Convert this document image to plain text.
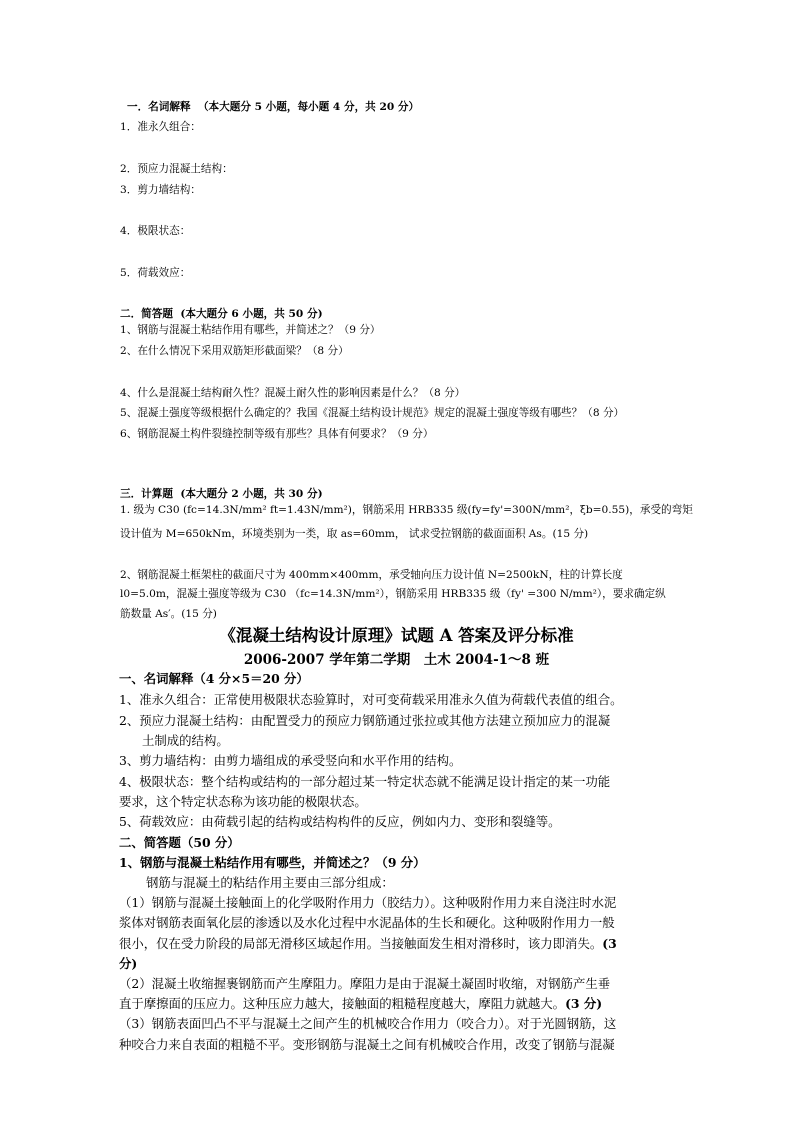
一．名词解释 （本大题分 5 小题，每小题 4 分，共 20 分）
1．准永久组合：
2．预应力混凝土结构：
3．剪力墙结构：
4．极限状态：
5．荷载效应：
二．简答题 (本大题分 6 小题，共 50 分)
1、钢筋与混凝土粘结作用有哪些，并简述之？（9 分）
2、在什么情况下采用双筋矩形截面梁？（8 分）
4、什么是混凝土结构耐久性？混凝土耐久性的影响因素是什么？（8 分）
5、混凝土强度等级根据什么确定的？我国《混凝土结构设计规范》规定的混凝土强度等级有哪些？（8 分）
6、钢筋混凝土构件裂缝控制等级有那些？具体有何要求？（9 分）
三．计算题 (本大题分 2 小题，共 30 分)
1. 级为 C30 (fc=14.3N/mm² ft=1.43N/mm²)，钢筋采用 HRB335 级(fy=fy'=300N/mm²，ξb=0.55)，承受的弯矩
设计值为 M=650kNm，环境类别为一类，取 as=60mm， 试求受拉钢筋的截面面积 As。(15 分)
2、钢筋混凝土框架柱的截面尺寸为 400mm×400mm，承受轴向压力设计值 N=2500kN，柱的计算长度
l0=5.0m，混凝土强度等级为 C30 （fc=14.3N/mm²），钢筋采用 HRB335 级（fy' =300 N/mm²），要求确定纵
筋数量 As′。(15 分)
《混凝土结构设计原理》试题 A 答案及评分标准
2006-2007 学年第二学期　土木 2004-1～8 班
一、名词解释（4 分×5＝20 分）
1、准永久组合：正常使用极限状态验算时，对可变荷载采用准永久值为荷载代表值的组合。
2、预应力混凝土结构：由配置受力的预应力钢筋通过张拉或其他方法建立预加应力的混凝
土制成的结构。
3、剪力墙结构：由剪力墙组成的承受竖向和水平作用的结构。
4、极限状态：整个结构或结构的一部分超过某一特定状态就不能满足设计指定的某一功能
要求，这个特定状态称为该功能的极限状态。
5、荷载效应：由荷载引起的结构或结构构件的反应，例如内力、变形和裂缝等。
二、简答题（50 分）
1、钢筋与混凝土粘结作用有哪些，并简述之？（9 分）
钢筋与混凝土的粘结作用主要由三部分组成：
（1）钢筋与混凝土接触面上的化学吸附作用力（胶结力）。这种吸附作用力来自浇注时水泥
浆体对钢筋表面氧化层的渗透以及水化过程中水泥晶体的生长和硬化。这种吸附作用力一般
很小，仅在受力阶段的局部无滑移区域起作用。当接触面发生相对滑移时，该力即消失。(3
分)
（2）混凝土收缩握裹钢筋而产生摩阻力。摩阻力是由于混凝土凝固时收缩，对钢筋产生垂
直于摩擦面的压应力。这种压应力越大，接触面的粗糙程度越大，摩阻力就越大。(3 分)
（3）钢筋表面凹凸不平与混凝土之间产生的机械咬合作用力（咬合力）。对于光圆钢筋，这
种咬合力来自表面的粗糙不平。变形钢筋与混凝土之间有机械咬合作用，改变了钢筋与混凝
